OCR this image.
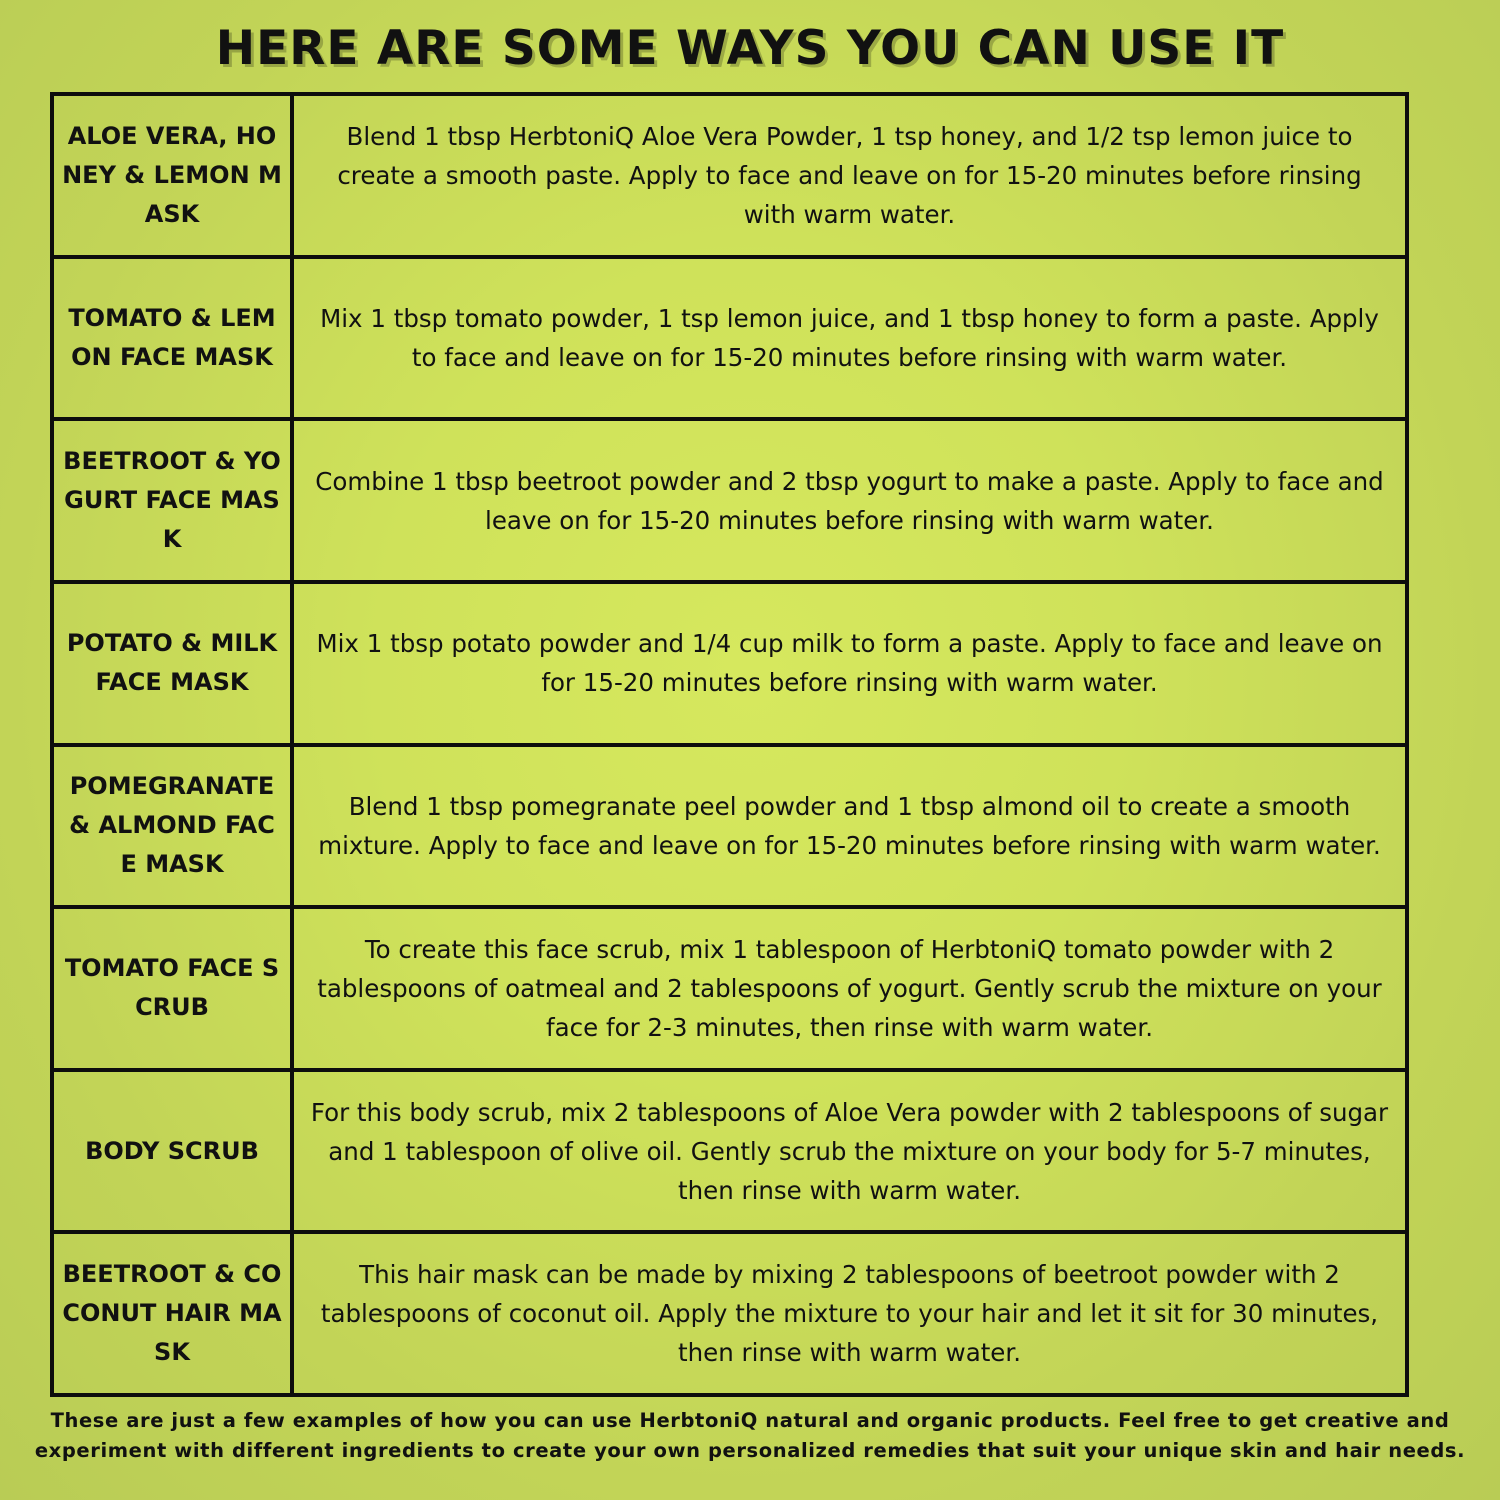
HERE ARE SOME WAYS YOU CAN USE IT
ALOE VERA, HONEY & LEMON MASK	Blend 1 tbsp HerbtoniQ Aloe Vera Powder, 1 tsp honey, and 1/2 tsp lemon juice to create a smooth paste. Apply to face and leave on for 15-20 minutes before rinsing with warm water.
TOMATO & LEMON FACE MASK	Mix 1 tbsp tomato powder, 1 tsp lemon juice, and 1 tbsp honey to form a paste. Apply to face and leave on for 15-20 minutes before rinsing with warm water.
BEETROOT & YOGURT FACE MASK	Combine 1 tbsp beetroot powder and 2 tbsp yogurt to make a paste. Apply to face and leave on for 15-20 minutes before rinsing with warm water.
POTATO & MILK FACE MASK	Mix 1 tbsp potato powder and 1/4 cup milk to form a paste. Apply to face and leave on for 15-20 minutes before rinsing with warm water.
POMEGRANATE & ALMOND FACE MASK	Blend 1 tbsp pomegranate peel powder and 1 tbsp almond oil to create a smooth mixture. Apply to face and leave on for 15-20 minutes before rinsing with warm water.
TOMATO FACE SCRUB	To create this face scrub, mix 1 tablespoon of HerbtoniQ tomato powder with 2 tablespoons of oatmeal and 2 tablespoons of yogurt. Gently scrub the mixture on your face for 2-3 minutes, then rinse with warm water.
BODY SCRUB	For this body scrub, mix 2 tablespoons of Aloe Vera powder with 2 tablespoons of sugar and 1 tablespoon of olive oil. Gently scrub the mixture on your body for 5-7 minutes, then rinse with warm water.
BEETROOT & COCONUT HAIR MASK	This hair mask can be made by mixing 2 tablespoons of beetroot powder with 2 tablespoons of coconut oil. Apply the mixture to your hair and let it sit for 30 minutes, then rinse with warm water.
These are just a few examples of how you can use HerbtoniQ natural and organic products. Feel free to get creative and experiment with different ingredients to create your own personalized remedies that suit your unique skin and hair needs.
